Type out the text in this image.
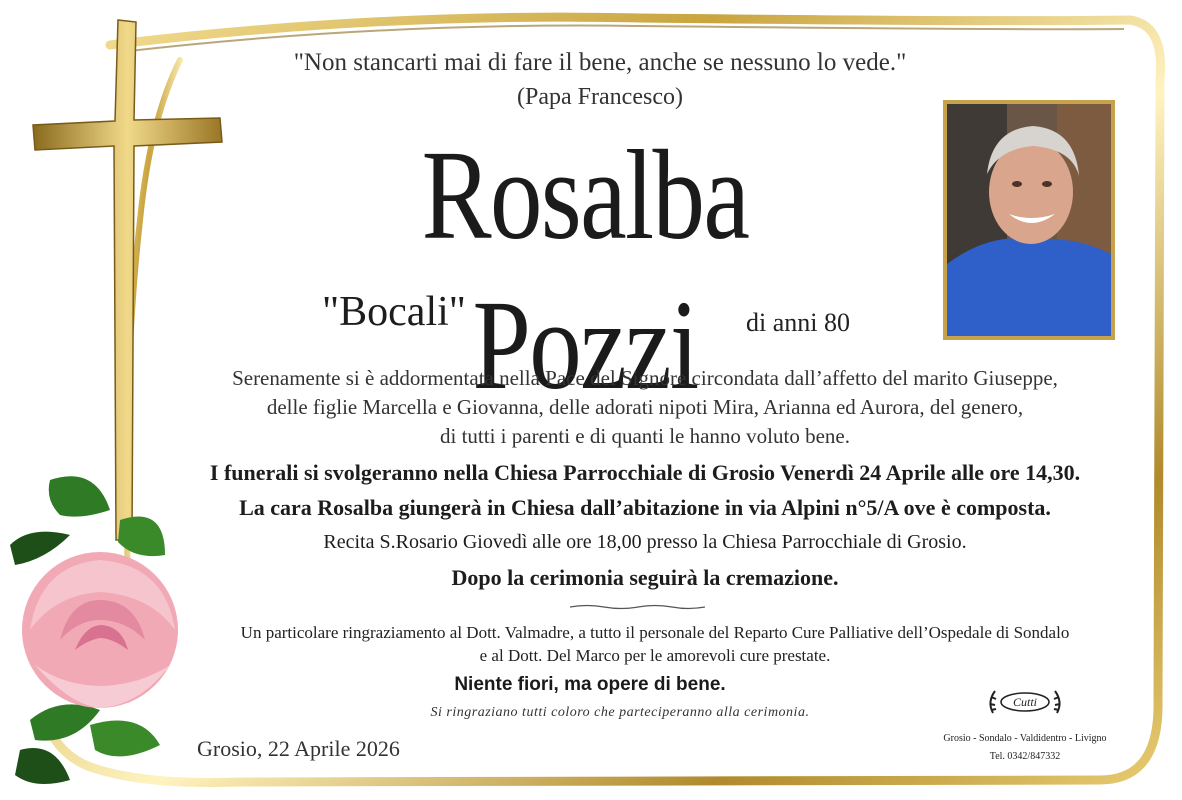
"Non stancarti mai di fare il bene, anche se nessuno lo vede."
(Papa Francesco)
Rosalba Pozzi
"Bocali"	di anni 80
Serenamente si è addormentata nella Pace del Signore circondata dall’affetto del marito Giuseppe,
delle figlie Marcella e Giovanna, delle adorati nipoti Mira, Arianna ed Aurora, del genero,
di tutti i parenti e di quanti le hanno voluto bene.
I funerali si svolgeranno nella Chiesa Parrocchiale di Grosio Venerdì 24 Aprile alle ore 14,30.
La cara Rosalba giungerà in Chiesa dall’abitazione in via Alpini n°5/A ove è composta.
Recita S.Rosario Giovedì alle ore 18,00 presso la Chiesa Parrocchiale di Grosio.
Dopo la cerimonia seguirà la cremazione.
Un particolare ringraziamento al Dott. Valmadre, a tutto il personale del Reparto Cure Palliative dell’Ospedale di Sondalo
e al Dott. Del Marco per le amorevoli cure prestate.
Niente fiori, ma opere di bene.
Si ringraziano tutti coloro che parteciperanno alla cerimonia.
Grosio, 22 Aprile 2026
Cutti
Grosio - Sondalo - Valdidentro - Livigno
Tel. 0342/847332
